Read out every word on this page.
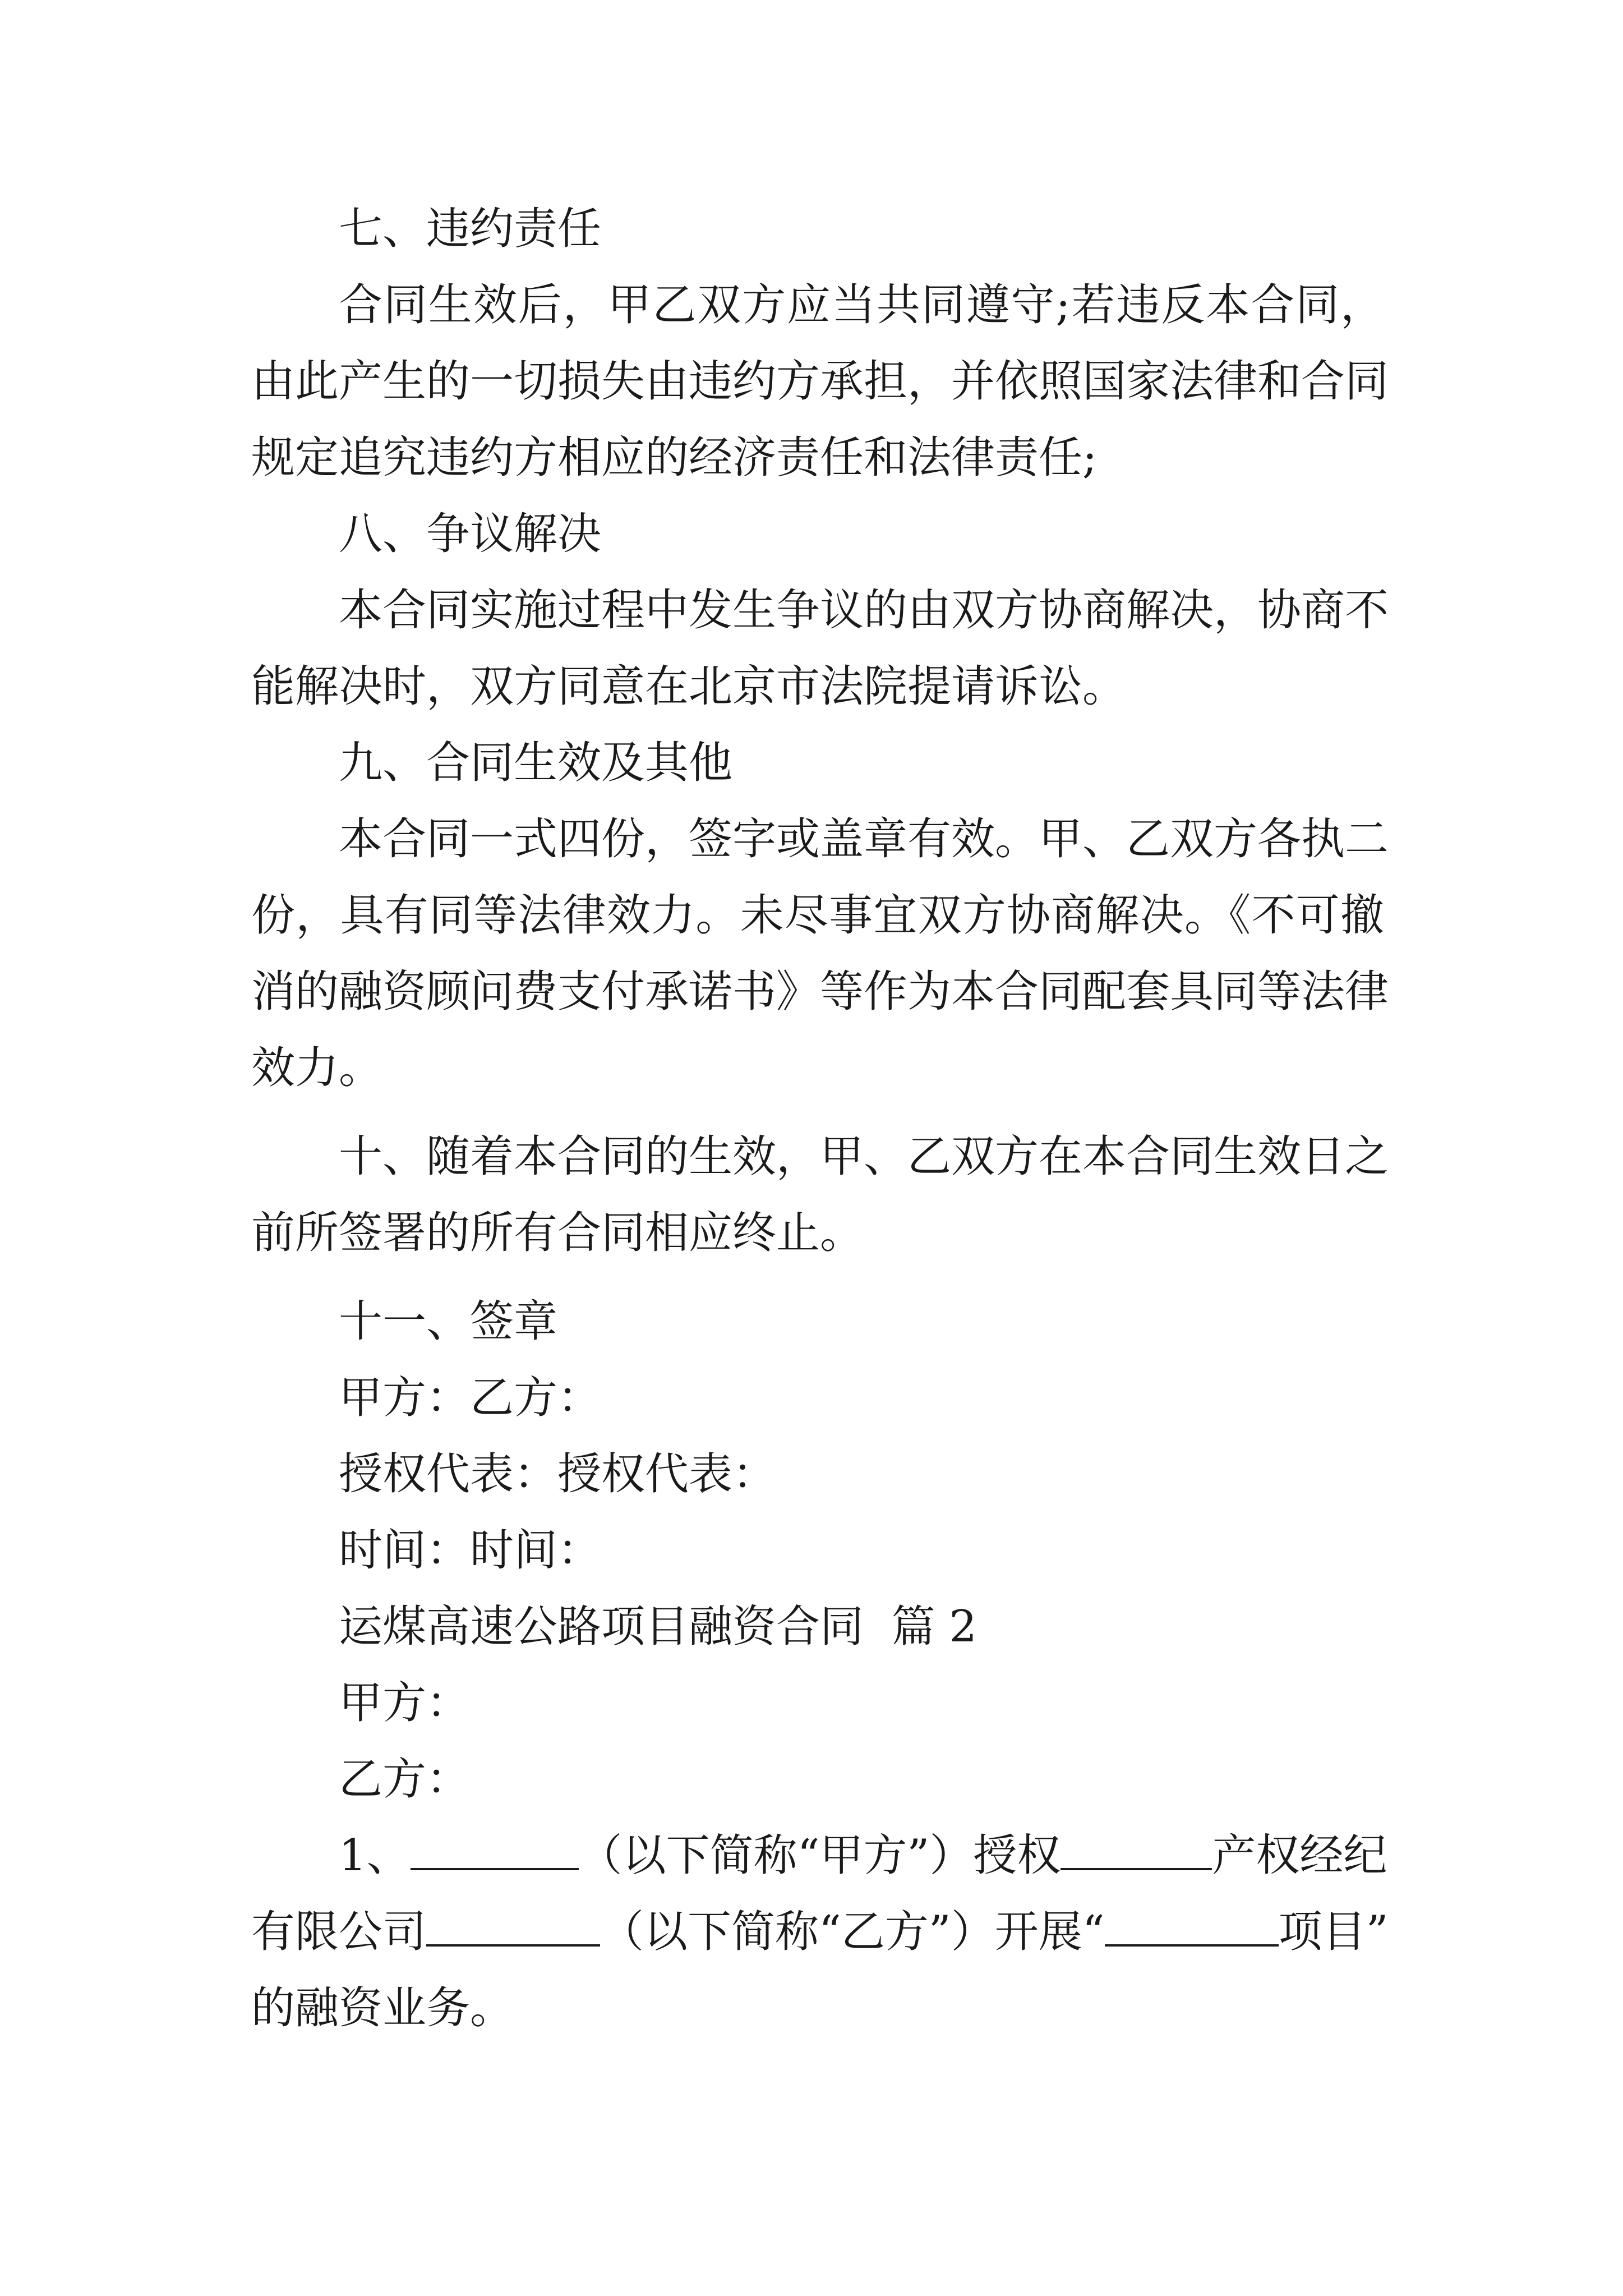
七、违约责任
合同生效后，甲乙双方应当共同遵守;若违反本合同，
由此产生的一切损失由违约方承担，并依照国家法律和合同
规定追究违约方相应的经济责任和法律责任;
八、争议解决
本合同实施过程中发生争议的由双方协商解决，协商不
能解决时，双方同意在北京市法院提请诉讼。
九、合同生效及其他
本合同一式四份，签字或盖章有效。甲、乙双方各执二
份，具有同等法律效力。未尽事宜双方协商解决。《不可撤
消的融资顾问费支付承诺书》等作为本合同配套具同等法律
效力。
十、随着本合同的生效，甲、乙双方在本合同生效日之
前所签署的所有合同相应终止。
十一、签章
甲方：乙方：
授权代表：授权代表：
时间：时间：
运煤高速公路项目融资合同  篇 2
甲方：
乙方：
1、	（以下简称“甲方”）授权	产权经纪
有限公司	（以下简称“乙方”）开展“	项目”
的融资业务。
